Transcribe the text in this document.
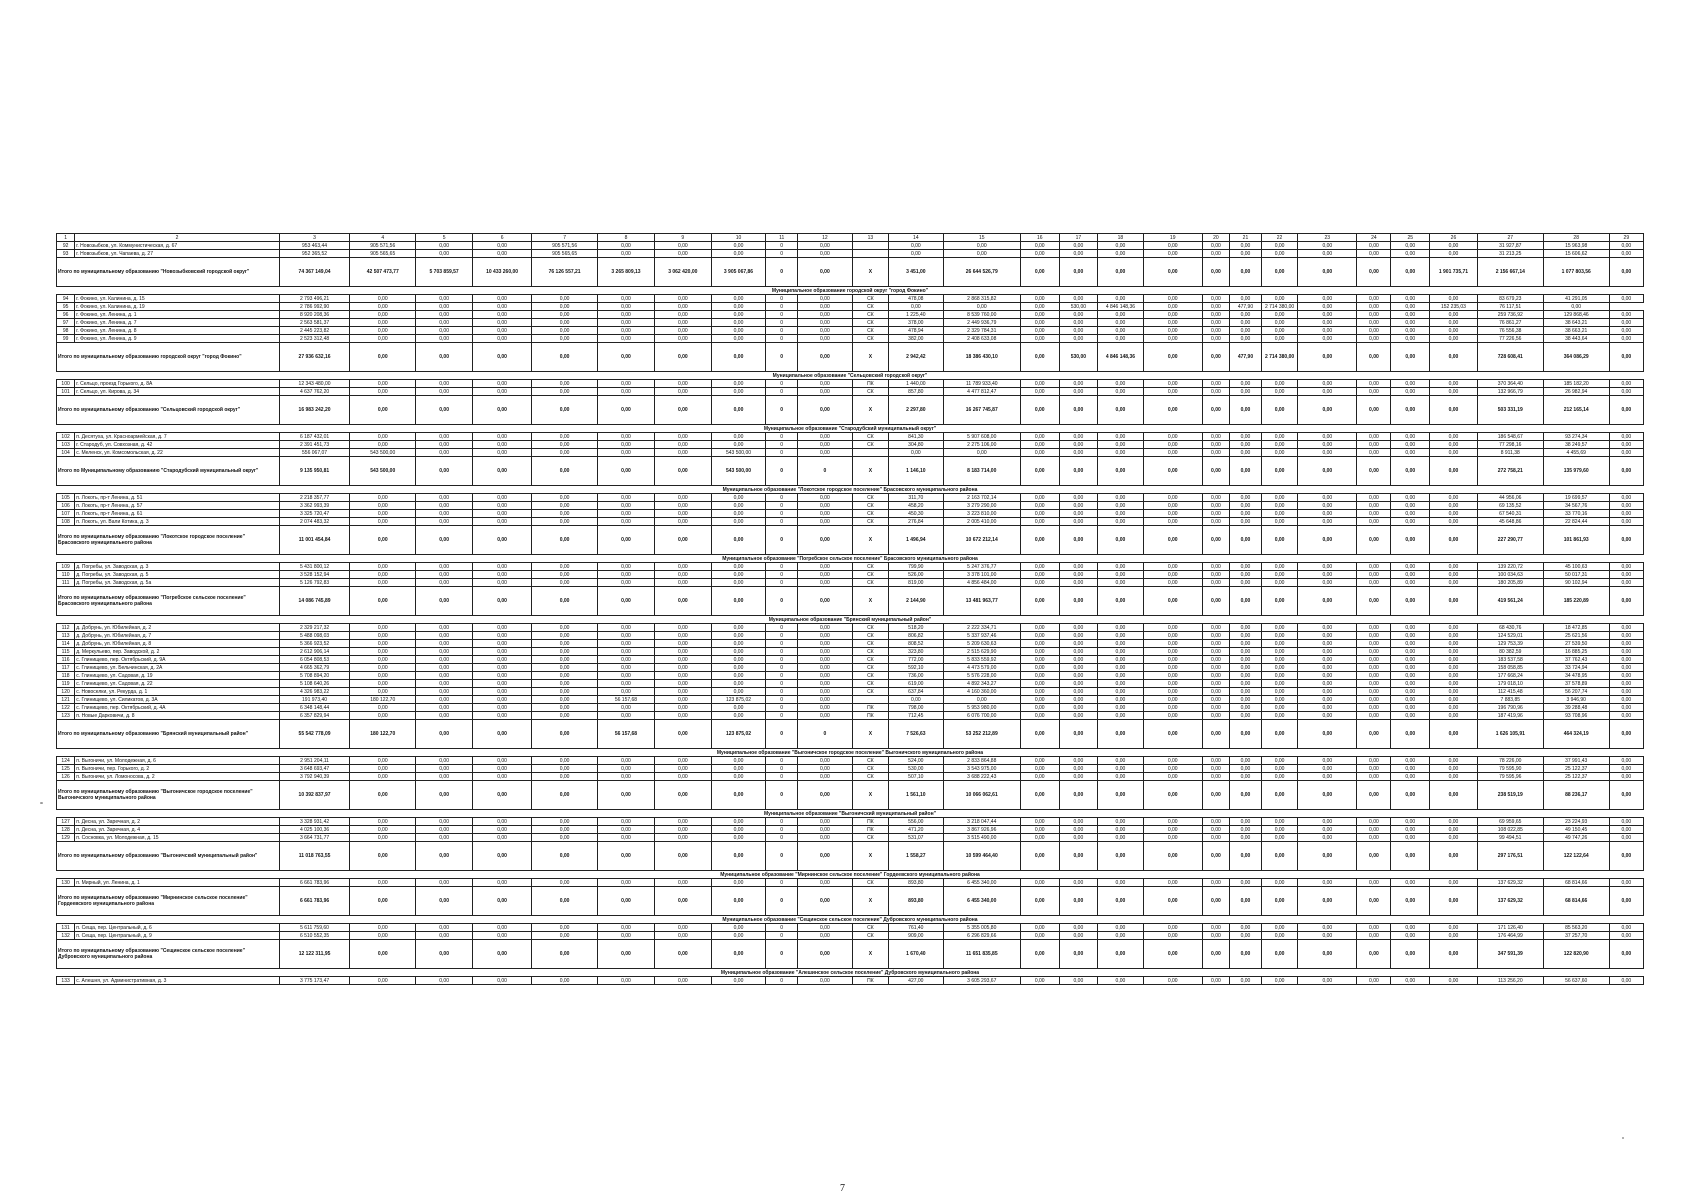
1	2	3	4	5	6	7	8	9	10	11	12	13	14	15	16	17	18	19	20	21	22	23	24	25	26	27	28	29
92	г. Новозыбков, ул. Коммунистическая, д. 67	953 463,44	905 571,56	0,00	0,00	905 571,56	0,00	0,00	0,00	0	0,00		0,00	0,00	0,00	0,00	0,00	0,00	0,00	0,00	0,00	0,00	0,00	0,00	0,00	31 927,87	15 963,98	0,00
93	г. Новозыбков, ул. Чапаева, д. 27	952 365,52	905 565,65	0,00	0,00	905 565,65	0,00	0,00	0,00	0	0,00		0,00	0,00	0,00	0,00	0,00	0,00	0,00	0,00	0,00	0,00	0,00	0,00	0,00	31 213,25	15 606,62	0,00
Итого по муниципальному образованию "Новозыбковский городской округ"		74 367 149,04	42 507 473,77	5 703 859,57	10 433 260,00	76 126 557,21	3 265 809,13	3 062 420,00	3 905 067,86	0	0,00	X	3 451,00	26 644 526,79	0,00	0,00	0,00	0,00	0,00	0,00	0,00	0,00	0,00	0,00	1 901 735,71	2 156 667,14	1 077 803,56	0,00
Муниципальное образование городской округ "город Фокино"																												
94	г. Фокино, ул. Калинина, д. 15	2 793 496,21	0,00	0,00	0,00	0,00	0,00	0,00	0,00	0	0,00	СК	478,08	2 868 315,82	0,00	0,00	0,00	0,00	0,00	0,00	0,00	0,00	0,00	0,00	0,00	83 679,23	41 291,05	0,00
95	г. Фокино, ул. Калинина, д. 19	2 786 992,90	0,00	0,00	0,00	0,00	0,00	0,00	0,00	0	0,00	СК	0,00	0,00	0,00	530,00	4 846 148,36	0,00	0,00	477,90	2 714 380,00	0,00	0,00	0,00	152 235,03	76 117,51	0,00	
96	г. Фокино, ул. Ленина, д. 1	8 920 208,36	0,00	0,00	0,00	0,00	0,00	0,00	0,00	0	0,00	СК	1 225,40	8 539 760,00	0,00	0,00	0,00	0,00	0,00	0,00	0,00	0,00	0,00	0,00	0,00	259 736,92	129 868,46	0,00
97	г. Фокино, ул. Ленина, д. 7	2 563 581,37	0,00	0,00	0,00	0,00	0,00	0,00	0,00	0	0,00	СК	378,00	2 449 936,79	0,00	0,00	0,00	0,00	0,00	0,00	0,00	0,00	0,00	0,00	0,00	76 861,27	38 643,21	0,00
98	г. Фокино, ул. Ленина, д. 8	2 445 223,82	0,00	0,00	0,00	0,00	0,00	0,00	0,00	0	0,00	СК	478,94	2 329 784,31	0,00	0,00	0,00	0,00	0,00	0,00	0,00	0,00	0,00	0,00	0,00	76 556,38	38 663,21	0,00
99	г. Фокино, ул. Ленина, д. 9	2 523 312,48	0,00	0,00	0,00	0,00	0,00	0,00	0,00	0	0,00	СК	382,00	2 408 633,08	0,00	0,00	0,00	0,00	0,00	0,00	0,00	0,00	0,00	0,00	0,00	77 226,56	38 443,64	0,00
Итого по муниципальному образованию городской округ "город Фокино"		27 936 632,16	0,00	0,00	0,00	0,00	0,00	0,00	0,00	0	0,00	X	2 942,42	18 386 430,10	0,00	530,00	4 846 148,36	0,00	0,00	477,90	2 714 380,00	0,00	0,00	0,00	0,00	728 608,41	364 086,29	0,00
Муниципальное образование "Сельцовский городской округ"																												
100	г. Сельцо, проезд Горького, д. 8А	12 343 480,00	0,00	0,00	0,00	0,00	0,00	0,00	0,00	0	0,00	ПК	1 440,00	11 789 933,40	0,00	0,00	0,00	0,00	0,00	0,00	0,00	0,00	0,00	0,00	0,00	370 364,40	185 182,20	0,00
101	г. Сельцо, ул. Кирова, д. 34	4 637 762,20	0,00	0,00	0,00	0,00	0,00	0,00	0,00	0	0,00	СК	857,80	4 477 812,47	0,00	0,00	0,00	0,00	0,00	0,00	0,00	0,00	0,00	0,00	0,00	132 966,79	26 982,94	0,00
Итого по муниципальному образованию "Сельцовский городской округ"		16 983 242,20	0,00	0,00	0,00	0,00	0,00	0,00	0,00	0	0,00	X	2 297,80	16 267 745,87	0,00	0,00	0,00	0,00	0,00	0,00	0,00	0,00	0,00	0,00	0,00	503 331,19	212 165,14	0,00
Муниципальное образование "Стародубский муниципальный округ"																												
102	п. Десятуха, ул. Красноармейская, д. 7	6 187 432,01	0,00	0,00	0,00	0,00	0,00	0,00	0,00	0	0,00	СК	841,30	5 907 608,00	0,00	0,00	0,00	0,00	0,00	0,00	0,00	0,00	0,00	0,00	0,00	186 548,67	93 274,34	0,00
103	г. Стародуб, ул. Совхозная, д. 42	2 391 451,73	0,00	0,00	0,00	0,00	0,00	0,00	0,00	0	0,00	СК	304,80	2 275 106,00	0,00	0,00	0,00	0,00	0,00	0,00	0,00	0,00	0,00	0,00	0,00	77 298,16	38 249,57	0,00
104	с. Меленск, ул. Комсомольская, д. 22	556 067,07	543 500,00	0,00	0,00	0,00	0,00	0,00	543 500,00	0	0,00		0,00	0,00	0,00	0,00	0,00	0,00	0,00	0,00	0,00	0,00	0,00	0,00	0,00	8 911,38	4 455,69	0,00
Итого по Муниципальному образованию "Стародубский муниципальный округ"		9 135 950,81	543 500,00	0,00	0,00	0,00	0,00	0,00	543 500,00	0	0	X	1 146,10	8 183 714,00	0,00	0,00	0,00	0,00	0,00	0,00	0,00	0,00	0,00	0,00	0,00	272 758,21	135 979,60	0,00
Муниципальное образование "Локотское городское поселение" Брасовского муниципального района																												
105	п. Локоть, пр-т Ленина, д. 51	2 218 357,77	0,00	0,00	0,00	0,00	0,00	0,00	0,00	0	0,00	СК	311,70	2 163 702,14	0,00	0,00	0,00	0,00	0,00	0,00	0,00	0,00	0,00	0,00	0,00	44 956,06	19 699,57	0,00
106	п. Локоть, пр-т Ленина, д. 57	3 362 993,39	0,00	0,00	0,00	0,00	0,00	0,00	0,00	0	0,00	СК	458,20	3 279 290,00	0,00	0,00	0,00	0,00	0,00	0,00	0,00	0,00	0,00	0,00	0,00	69 135,52	34 567,76	0,00
107	п. Локоть, пр-т Ленина, д. 61	3 325 720,47	0,00	0,00	0,00	0,00	0,00	0,00	0,00	0	0,00	СК	450,30	3 223 810,00	0,00	0,00	0,00	0,00	0,00	0,00	0,00	0,00	0,00	0,00	0,00	67 540,31	33 770,16	0,00
108	п. Локоть, ул. Вали Котика, д. 3	2 074 483,32	0,00	0,00	0,00	0,00	0,00	0,00	0,00	0	0,00	СК	276,84	2 005 410,00	0,00	0,00	0,00	0,00	0,00	0,00	0,00	0,00	0,00	0,00	0,00	45 648,86	22 824,44	0,00
Итого по муниципальному образованию "Локотское городское поселение" Брасовского муниципального района		11 001 454,84	0,00	0,00	0,00	0,00	0,00	0,00	0,00	0	0,00	X	1 496,94	10 672 212,14	0,00	0,00	0,00	0,00	0,00	0,00	0,00	0,00	0,00	0,00	0,00	227 290,77	101 861,93	0,00
Муниципальное образование "Погребское сельское поселение" Брасовского муниципального района																												
109	д. Погребы, ул. Заводская, д. 3	5 431 800,12	0,00	0,00	0,00	0,00	0,00	0,00	0,00	0	0,00	СК	799,90	5 247 376,77	0,00	0,00	0,00	0,00	0,00	0,00	0,00	0,00	0,00	0,00	0,00	139 220,72	45 100,63	0,00
110	д. Погребы, ул. Заводская, д. 5	3 528 152,94	0,00	0,00	0,00	0,00	0,00	0,00	0,00	0	0,00	СК	526,00	3 378 101,00	0,00	0,00	0,00	0,00	0,00	0,00	0,00	0,00	0,00	0,00	0,00	100 034,63	50 017,31	0,00
111	д. Погребы, ул. Заводская, д. 5а	5 126 792,83	0,00	0,00	0,00	0,00	0,00	0,00	0,00	0	0,00	СК	819,00	4 856 484,00	0,00	0,00	0,00	0,00	0,00	0,00	0,00	0,00	0,00	0,00	0,00	180 205,89	90 102,94	0,00
Итого по муниципальному образованию "Погребское сельское поселение" Брасовского муниципального района		14 086 745,89	0,00	0,00	0,00	0,00	0,00	0,00	0,00	0	0,00	X	2 144,90	13 481 963,77	0,00	0,00	0,00	0,00	0,00	0,00	0,00	0,00	0,00	0,00	0,00	419 561,24	185 220,89	0,00
Муниципальное образование "Брянский муниципальный район"																												
112	д. Добрунь, ул. Юбилейная, д. 2	2 329 217,32	0,00	0,00	0,00	0,00	0,00	0,00	0,00	0	0,00	СК	518,20	2 222 334,71	0,00	0,00	0,00	0,00	0,00	0,00	0,00	0,00	0,00	0,00	0,00	68 430,76	18 472,85	0,00
113	д. Добрунь, ул. Юбилейная, д. 7	5 488 098,03	0,00	0,00	0,00	0,00	0,00	0,00	0,00	0	0,00	СК	806,82	5 337 937,46	0,00	0,00	0,00	0,00	0,00	0,00	0,00	0,00	0,00	0,00	0,00	124 529,01	25 621,56	0,00
114	д. Добрунь, ул. Юбилейная, д. 8	5 366 923,52	0,00	0,00	0,00	0,00	0,00	0,00	0,00	0	0,00	СК	808,52	5 209 630,63	0,00	0,00	0,00	0,00	0,00	0,00	0,00	0,00	0,00	0,00	0,00	129 753,39	27 539,50	0,00
115	д. Меркульево, пер. Заводской, д. 2	2 612 906,14	0,00	0,00	0,00	0,00	0,00	0,00	0,00	0	0,00	СК	323,80	2 515 629,90	0,00	0,00	0,00	0,00	0,00	0,00	0,00	0,00	0,00	0,00	0,00	80 382,59	16 885,25	0,00
116	с. Глинищево, пер. Октябрьский, д. 9А	6 054 808,53	0,00	0,00	0,00	0,00	0,00	0,00	0,00	0	0,00	СК	772,00	5 833 559,92	0,00	0,00	0,00	0,00	0,00	0,00	0,00	0,00	0,00	0,00	0,00	183 537,58	37 762,43	0,00
117	с. Глинищево, ул. Бельчинская, д. 2А	4 665 362,79	0,00	0,00	0,00	0,00	0,00	0,00	0,00	0	0,00	СК	592,10	4 473 579,00	0,00	0,00	0,00	0,00	0,00	0,00	0,00	0,00	0,00	0,00	0,00	158 058,85	33 724,94	0,00
118	с. Глинищево, ул. Садовая, д. 19	5 708 894,20	0,00	0,00	0,00	0,00	0,00	0,00	0,00	0	0,00	СК	736,00	5 576 228,00	0,00	0,00	0,00	0,00	0,00	0,00	0,00	0,00	0,00	0,00	0,00	177 668,24	34 478,95	0,00
119	с. Глинищево, ул. Садовая, д. 22	5 108 640,26	0,00	0,00	0,00	0,00	0,00	0,00	0,00	0	0,00	СК	619,00	4 892 343,27	0,00	0,00	0,00	0,00	0,00	0,00	0,00	0,00	0,00	0,00	0,00	179 018,10	37 578,89	0,00
120	с. Новоселки, ул. Рекурда, д. 1	4 326 983,22	0,00	0,00	0,00	0,00	0,00	0,00	0,00	0	0,00	СК	637,84	4 160 360,00	0,00	0,00	0,00	0,00	0,00	0,00	0,00	0,00	0,00	0,00	0,00	112 415,48	56 207,74	0,00
121	с. Глинищево, ул. Силикатов, д. 3А	191 973,40	180 122,70	0,00	0,00	0,00	56 157,68	0,00	123 875,02	0	0,00		0,00	0,00	0,00	0,00	0,00	0,00	0,00	0,00	0,00	0,00	0,00	0,00	0,00	7 883,85	3 946,90	0,00
122	с. Глинищево, пер. Октябрьский, д. 4А	6 348 148,44	0,00	0,00	0,00	0,00	0,00	0,00	0,00	0	0,00	ПК	798,00	5 953 980,00	0,00	0,00	0,00	0,00	0,00	0,00	0,00	0,00	0,00	0,00	0,00	196 790,96	39 288,48	0,00
123	п. Новые Дарковичи, д. 8	6 357 829,94	0,00	0,00	0,00	0,00	0,00	0,00	0,00	0	0,00	ПК	712,45	6 076 700,00	0,00	0,00	0,00	0,00	0,00	0,00	0,00	0,00	0,00	0,00	0,00	187 419,96	93 708,96	0,00
Итого по муниципальному образованию "Брянский муниципальный район"		55 542 778,09	180 122,70	0,00	0,00	0,00	56 157,68	0,00	123 875,02	0	0	X	7 526,63	53 252 212,89	0,00	0,00	0,00	0,00	0,00	0,00	0,00	0,00	0,00	0,00	0,00	1 626 105,91	464 324,19	0,00
Муниципальное образование "Выгоничское городское поселение" Выгоничского муниципального района																												
124	п. Выгоничи, ул. Молодежная, д. 6	2 951 204,11	0,00	0,00	0,00	0,00	0,00	0,00	0,00	0	0,00	СК	524,00	2 833 864,88	0,00	0,00	0,00	0,00	0,00	0,00	0,00	0,00	0,00	0,00	0,00	78 226,00	37 991,43	0,00
125	п. Выгоничи, пер. Горького, д. 2	3 648 693,47	0,00	0,00	0,00	0,00	0,00	0,00	0,00	0	0,00	СК	530,00	3 543 975,00	0,00	0,00	0,00	0,00	0,00	0,00	0,00	0,00	0,00	0,00	0,00	79 595,90	25 122,37	0,00
126	п. Выгоничи, ул. Ломоносова, д. 2	3 792 940,39	0,00	0,00	0,00	0,00	0,00	0,00	0,00	0	0,00	СК	507,10	3 688 222,43	0,00	0,00	0,00	0,00	0,00	0,00	0,00	0,00	0,00	0,00	0,00	79 595,96	25 122,37	0,00
Итого по муниципальному образованию "Выгоничское городское поселение" Выгоничского муниципального района		10 392 837,97	0,00	0,00	0,00	0,00	0,00	0,00	0,00	0	0,00	X	1 561,10	10 066 062,61	0,00	0,00	0,00	0,00	0,00	0,00	0,00	0,00	0,00	0,00	0,00	238 519,19	88 236,17	0,00
Муниципальное образование "Выгоничский муниципальный район"																												
127	п. Десна, ул. Заречная, д. 2	3 328 931,42	0,00	0,00	0,00	0,00	0,00	0,00	0,00	0	0,00	ПК	556,00	3 218 047,44	0,00	0,00	0,00	0,00	0,00	0,00	0,00	0,00	0,00	0,00	0,00	69 959,65	23 224,93	0,00
128	п. Десна, ул. Заречная, д. 4	4 025 100,36	0,00	0,00	0,00	0,00	0,00	0,00	0,00	0	0,00	ПК	471,20	3 867 926,96	0,00	0,00	0,00	0,00	0,00	0,00	0,00	0,00	0,00	0,00	0,00	108 022,85	49 150,45	0,00
129	п. Сосновка, ул. Молодежная, д. 15	3 664 731,77	0,00	0,00	0,00	0,00	0,00	0,00	0,00	0	0,00	СК	531,07	3 515 490,00	0,00	0,00	0,00	0,00	0,00	0,00	0,00	0,00	0,00	0,00	0,00	99 494,51	49 747,26	0,00
Итого по муниципальному образованию "Выгоничский муниципальный район"		11 018 763,55	0,00	0,00	0,00	0,00	0,00	0,00	0,00	0	0,00	X	1 558,27	10 599 464,40	0,00	0,00	0,00	0,00	0,00	0,00	0,00	0,00	0,00	0,00	0,00	297 176,51	122 122,64	0,00
Муниципальное образование "Мирнинское сельское поселение" Гордеевского муниципального района																												
130	п. Мирный, ул. Ленина, д. 1	6 661 783,96	0,00	0,00	0,00	0,00	0,00	0,00	0,00	0	0,00	СК	893,80	6 455 340,00	0,00	0,00	0,00	0,00	0,00	0,00	0,00	0,00	0,00	0,00	0,00	137 629,32	68 814,66	0,00
Итого по муниципальному образованию "Мирнинское сельское поселение" Гордеевского муниципального района		6 661 783,96	0,00	0,00	0,00	0,00	0,00	0,00	0,00	0	0,00	X	893,80	6 455 340,00	0,00	0,00	0,00	0,00	0,00	0,00	0,00	0,00	0,00	0,00	0,00	137 629,32	68 814,66	0,00
Муниципальное образование "Сещинское сельское поселение" Дубровского муниципального района																												
131	п. Сеща, пер. Центральный, д. 6	5 611 759,60	0,00	0,00	0,00	0,00	0,00	0,00	0,00	0	0,00	СК	761,40	5 355 005,80	0,00	0,00	0,00	0,00	0,00	0,00	0,00	0,00	0,00	0,00	0,00	171 126,40	85 563,20	0,00
132	п. Сеща, пер. Центральный, д. 9	6 510 552,35	0,00	0,00	0,00	0,00	0,00	0,00	0,00	0	0,00	СК	909,00	6 296 829,66	0,00	0,00	0,00	0,00	0,00	0,00	0,00	0,00	0,00	0,00	0,00	176 464,99	37 257,70	0,00
Итого по муниципальному образованию "Сещинское сельское поселение" Дубровского муниципального района		12 122 311,95	0,00	0,00	0,00	0,00	0,00	0,00	0,00	0	0,00	X	1 670,40	11 651 835,85	0,00	0,00	0,00	0,00	0,00	0,00	0,00	0,00	0,00	0,00	0,00	347 591,39	122 820,90	0,00
Муниципальное образование "Алешинское сельское поселение" Дубровского муниципального района																												
133	с. Алешня, ул. Административная, д. 3	3 775 173,47	0,00	0,00	0,00	0,00	0,00	0,00	0,00	0	0,00	ПК	427,00	3 605 293,67	0,00	0,00	0,00	0,00	0,00	0,00	0,00	0,00	0,00	0,00	0,00	113 256,20	56 637,60	0,00
7
